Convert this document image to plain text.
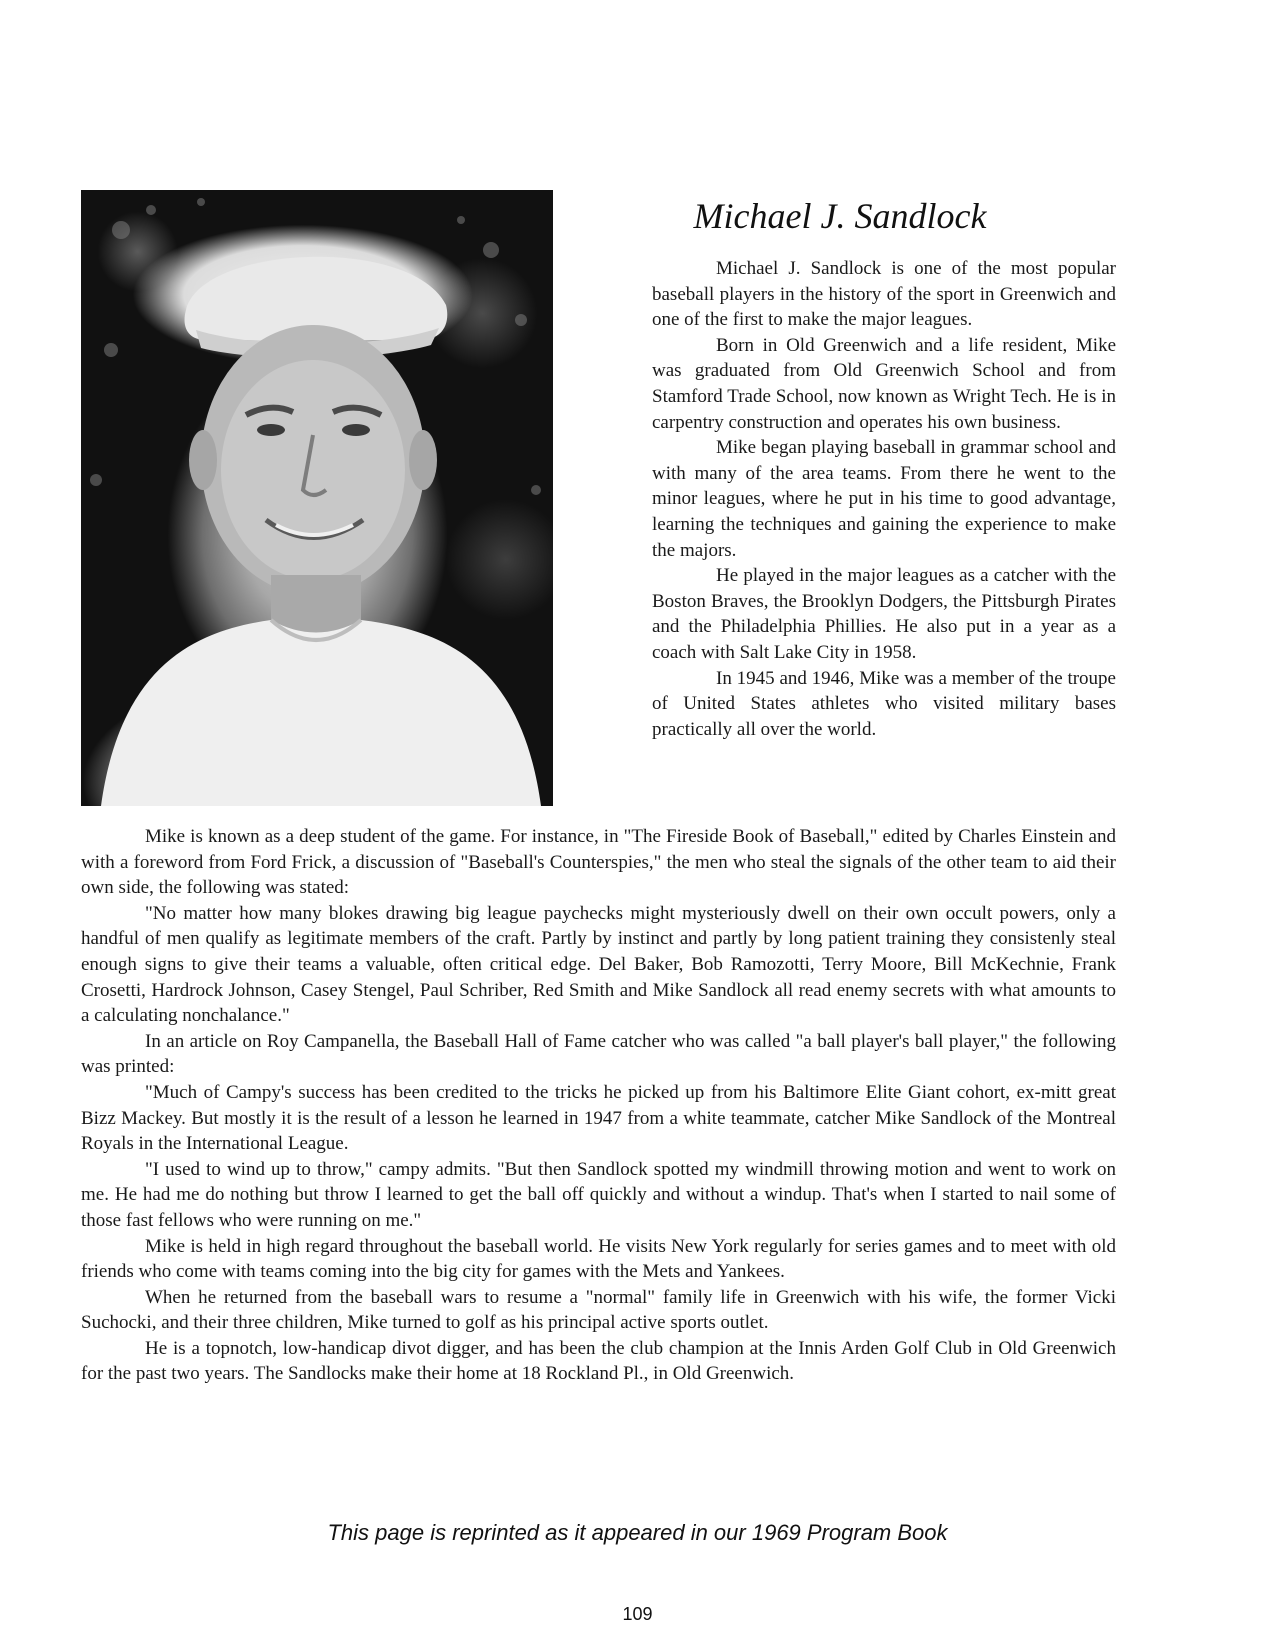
Michael J. Sandlock

Michael J. Sandlock is one of the most popular baseball players in the history of the sport in Greenwich and one of the first to make the major leagues.

Born in Old Greenwich and a life resident, Mike was graduated from Old Greenwich School and from Stamford Trade School, now known as Wright Tech. He is in carpentry construction and operates his own business.

Mike began playing baseball in grammar school and with many of the area teams. From there he went to the minor leagues, where he put in his time to good advantage, learning the techniques and gaining the experience to make the majors.

He played in the major leagues as a catcher with the Boston Braves, the Brooklyn Dodgers, the Pittsburgh Pirates and the Philadelphia Phillies. He also put in a year as a coach with Salt Lake City in 1958.

In 1945 and 1946, Mike was a member of the troupe of United States athletes who visited military bases practically all over the world.

Mike is known as a deep student of the game. For instance, in "The Fireside Book of Baseball," edited by Charles Einstein and with a foreword from Ford Frick, a discussion of "Baseball's Counterspies," the men who steal the signals of the other team to aid their own side, the following was stated:

"No matter how many blokes drawing big league paychecks might mysteriously dwell on their own occult powers, only a handful of men qualify as legitimate members of the craft. Partly by instinct and partly by long patient training they consistenly steal enough signs to give their teams a valuable, often critical edge. Del Baker, Bob Ramozotti, Terry Moore, Bill McKechnie, Frank Crosetti, Hardrock Johnson, Casey Stengel, Paul Schriber, Red Smith and Mike Sandlock all read enemy secrets with what amounts to a calculating nonchalance."

In an article on Roy Campanella, the Baseball Hall of Fame catcher who was called "a ball player's ball player," the following was printed:

"Much of Campy's success has been credited to the tricks he picked up from his Baltimore Elite Giant cohort, ex-mitt great Bizz Mackey. But mostly it is the result of a lesson he learned in 1947 from a white teammate, catcher Mike Sandlock of the Montreal Royals in the International League.

"I used to wind up to throw," campy admits. "But then Sandlock spotted my windmill throwing motion and went to work on me. He had me do nothing but throw I learned to get the ball off quickly and without a windup. That's when I started to nail some of those fast fellows who were running on me."

Mike is held in high regard throughout the baseball world. He visits New York regularly for series games and to meet with old friends who come with teams coming into the big city for games with the Mets and Yankees.

When he returned from the baseball wars to resume a "normal" family life in Greenwich with his wife, the former Vicki Suchocki, and their three children, Mike turned to golf as his principal active sports outlet.

He is a topnotch, low-handicap divot digger, and has been the club champion at the Innis Arden Golf Club in Old Greenwich for the past two years. The Sandlocks make their home at 18 Rockland Pl., in Old Greenwich.

This page is reprinted as it appeared in our 1969 Program Book
109
